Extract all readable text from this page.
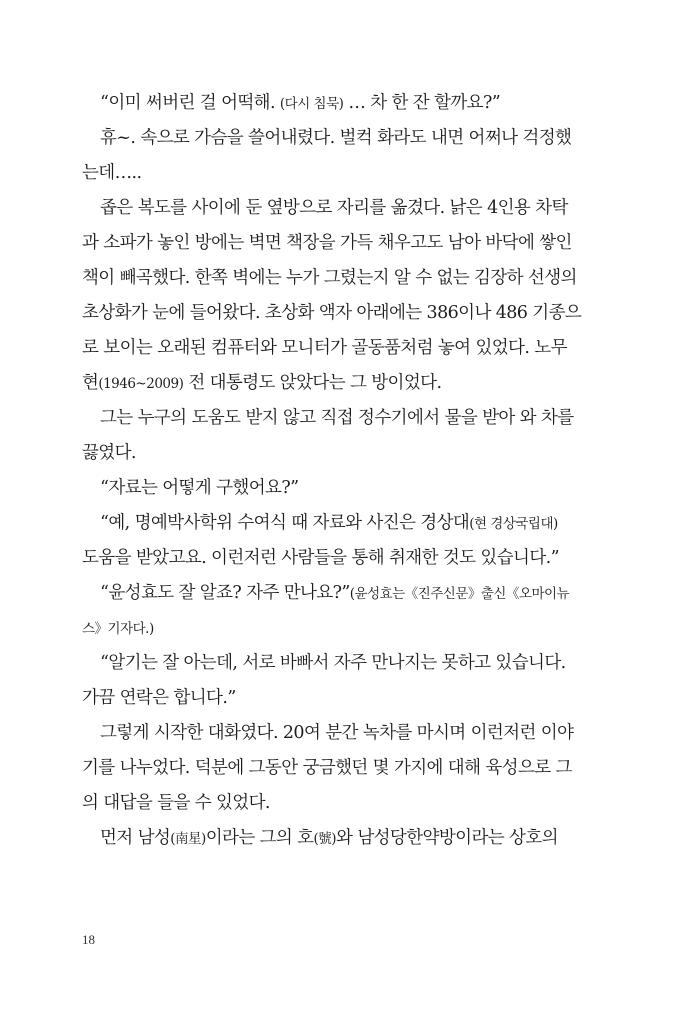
“이미 써버린 걸 어떡해. (다시 침묵) … 차 한 잔 할까요?”
휴~. 속으로 가슴을 쓸어내렸다. 벌컥 화라도 내면 어쩌나 걱정했
는데…..
좁은 복도를 사이에 둔 옆방으로 자리를 옮겼다. 낡은 4인용 차탁
과 소파가 놓인 방에는 벽면 책장을 가득 채우고도 남아 바닥에 쌓인
책이 빼곡했다. 한쪽 벽에는 누가 그렸는지 알 수 없는 김장하 선생의
초상화가 눈에 들어왔다. 초상화 액자 아래에는 386이나 486 기종으
로 보이는 오래된 컴퓨터와 모니터가 골동품처럼 놓여 있었다. 노무
현(1946~2009) 전 대통령도 앉았다는 그 방이었다.
그는 누구의 도움도 받지 않고 직접 정수기에서 물을 받아 와 차를
끓였다.
“자료는 어떻게 구했어요?”
“예, 명예박사학위 수여식 때 자료와 사진은 경상대(현 경상국립대)
도움을 받았고요. 이런저런 사람들을 통해 취재한 것도 있습니다.”
“윤성효도 잘 알죠? 자주 만나요?”(윤성효는《진주신문》출신《오마이뉴
스》기자다.)
“알기는 잘 아는데, 서로 바빠서 자주 만나지는 못하고 있습니다.
가끔 연락은 합니다.”
그렇게 시작한 대화였다. 20여 분간 녹차를 마시며 이런저런 이야
기를 나누었다. 덕분에 그동안 궁금했던 몇 가지에 대해 육성으로 그
의 대답을 들을 수 있었다.
먼저 남성(南星)이라는 그의 호(號)와 남성당한약방이라는 상호의
18
